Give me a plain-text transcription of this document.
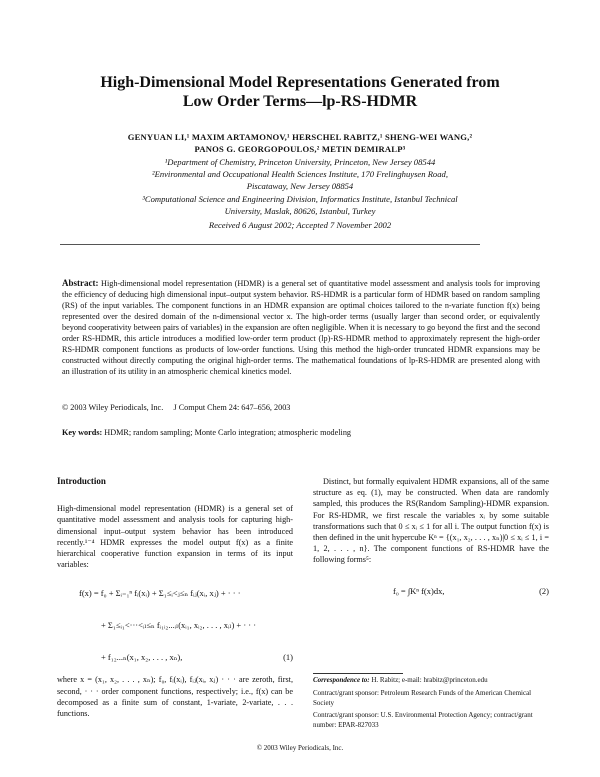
High-Dimensional Model Representations Generated from
Low Order Terms—lp-RS-HDMR
GENYUAN LI,¹ MAXIM ARTAMONOV,¹ HERSCHEL RABITZ,¹ SHENG-WEI WANG,²
PANOS G. GEORGOPOULOS,² METIN DEMIRALP³
¹Department of Chemistry, Princeton University, Princeton, New Jersey 08544
²Environmental and Occupational Health Sciences Institute, 170 Frelinghuysen Road,
Piscataway, New Jersey 08854
³Computational Science and Engineering Division, Informatics Institute, Istanbul Technical
University, Maslak, 80626, Istanbul, Turkey
Received 6 August 2002; Accepted 7 November 2002
Abstract: High-dimensional model representation (HDMR) is a general set of quantitative model assessment and analysis tools for improving the efficiency of deducing high dimensional input–output system behavior. RS-HDMR is a particular form of HDMR based on random sampling (RS) of the input variables. The component functions in an HDMR expansion are optimal choices tailored to the n-variate function f(x) being represented over the desired domain of the n-dimensional vector x. The high-order terms (usually larger than second order, or equivalently beyond cooperativity between pairs of variables) in the expansion are often negligible. When it is necessary to go beyond the first and the second order RS-HDMR, this article introduces a modified low-order term product (lp)-RS-HDMR method to approximately represent the high-order RS-HDMR component functions as products of low-order functions. Using this method the high-order truncated HDMR expansions may be constructed without directly computing the original high-order terms. The mathematical foundations of lp-RS-HDMR are presented along with an illustration of its utility in an atmospheric chemical kinetics model.
© 2003 Wiley Periodicals, Inc. J Comput Chem 24: 647–656, 2003
Key words: HDMR; random sampling; Monte Carlo integration; atmospheric modeling
Introduction

High-dimensional model representation (HDMR) is a general set of quantitative model assessment and analysis tools for capturing high-dimensional input–output system behavior has been introduced recently.¹⁻⁴ HDMR expresses the model output f(x) as a finite hierarchical cooperative function expansion in terms of its input variables:

f(x) = f₀ + Σᵢ₌₁ⁿ fᵢ(xᵢ) + Σ₁≤ᵢ<ⱼ≤ₙ fᵢⱼ(xᵢ, xⱼ) + · · ·
+ Σ₁≤ᵢ₁<···<ᵢₗ≤ₙ fᵢ₁ᵢ₂...ᵢₗ(xᵢ₁, xᵢ₂, . . . , xᵢₗ) + · · ·
+ f₁₂...ₙ(x₁, x₂, . . . , xₙ),	(1)

where x = (x₁, x₂, . . . , xₙ); f₀, fᵢ(xᵢ), fᵢⱼ(xᵢ, xⱼ) · · · are zeroth, first, second, · · · order component functions, respectively; i.e., f(x) can be decomposed as a finite sum of constant, 1-variate, 2-variate, . . . functions.

Distinct, but formally equivalent HDMR expansions, all of the same structure as eq. (1), may be constructed. When data are randomly sampled, this produces the RS(Random Sampling)-HDMR expansion. For RS-HDMR, we first rescale the variables xᵢ by some suitable transformations such that 0 ≤ xᵢ ≤ 1 for all i. The output function f(x) is then defined in the unit hypercube Kⁿ = {(x₁, x₂, . . . , xₙ)|0 ≤ xᵢ ≤ 1, i = 1, 2, . . . , n}. The component functions of RS-HDMR have the following forms⁵:

f₀ = ∫Kⁿ f(x)dx,	(2)
Correspondence to: H. Rabitz; e-mail: hrabitz@princeton.edu
Contract/grant sponsor: Petroleum Research Funds of the American Chemical Society
Contract/grant sponsor: U.S. Environmental Protection Agency; contract/grant number: EPAR-827033
© 2003 Wiley Periodicals, Inc.
